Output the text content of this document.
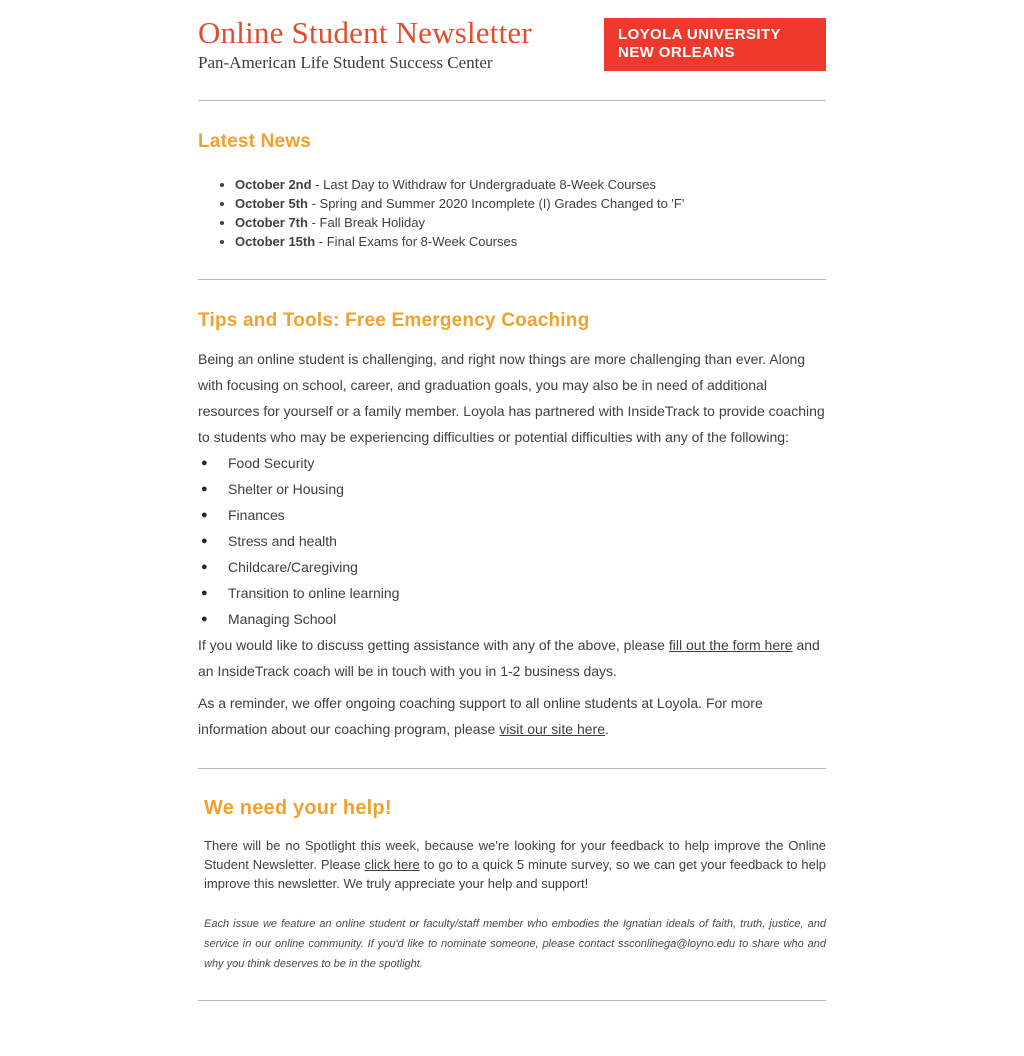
Online Student Newsletter
Pan-American Life Student Success Center
LOYOLA UNIVERSITY
NEW ORLEANS
Latest News
• October 2nd - Last Day to Withdraw for Undergraduate 8-Week Courses
• October 5th - Spring and Summer 2020 Incomplete (I) Grades Changed to 'F'
• October 7th - Fall Break Holiday
• October 15th - Final Exams for 8-Week Courses
Tips and Tools: Free Emergency Coaching

Being an online student is challenging, and right now things are more challenging than ever. Along with focusing on school, career, and graduation goals, you may also be in need of additional resources for yourself or a family member. Loyola has partnered with InsideTrack to provide coaching to students who may be experiencing difficulties or potential difficulties with any of the following:

● Food Security
● Shelter or Housing
● Finances
● Stress and health
● Childcare/Caregiving
● Transition to online learning
● Managing School

If you would like to discuss getting assistance with any of the above, please fill out the form here and an InsideTrack coach will be in touch with you in 1-2 business days.

As a reminder, we offer ongoing coaching support to all online students at Loyola. For more information about our coaching program, please visit our site here.

We need your help!

There will be no Spotlight this week, because we're looking for your feedback to help improve the Online Student Newsletter. Please click here to go to a quick 5 minute survey, so we can get your feedback to help improve this newsletter. We truly appreciate your help and support!

Each issue we feature an online student or faculty/staff member who embodies the Ignatian ideals of faith, truth, justice, and service in our online community. If you'd like to nominate someone, please contact ssconlinega@loyno.edu to share who and why you think deserves to be in the spotlight.
